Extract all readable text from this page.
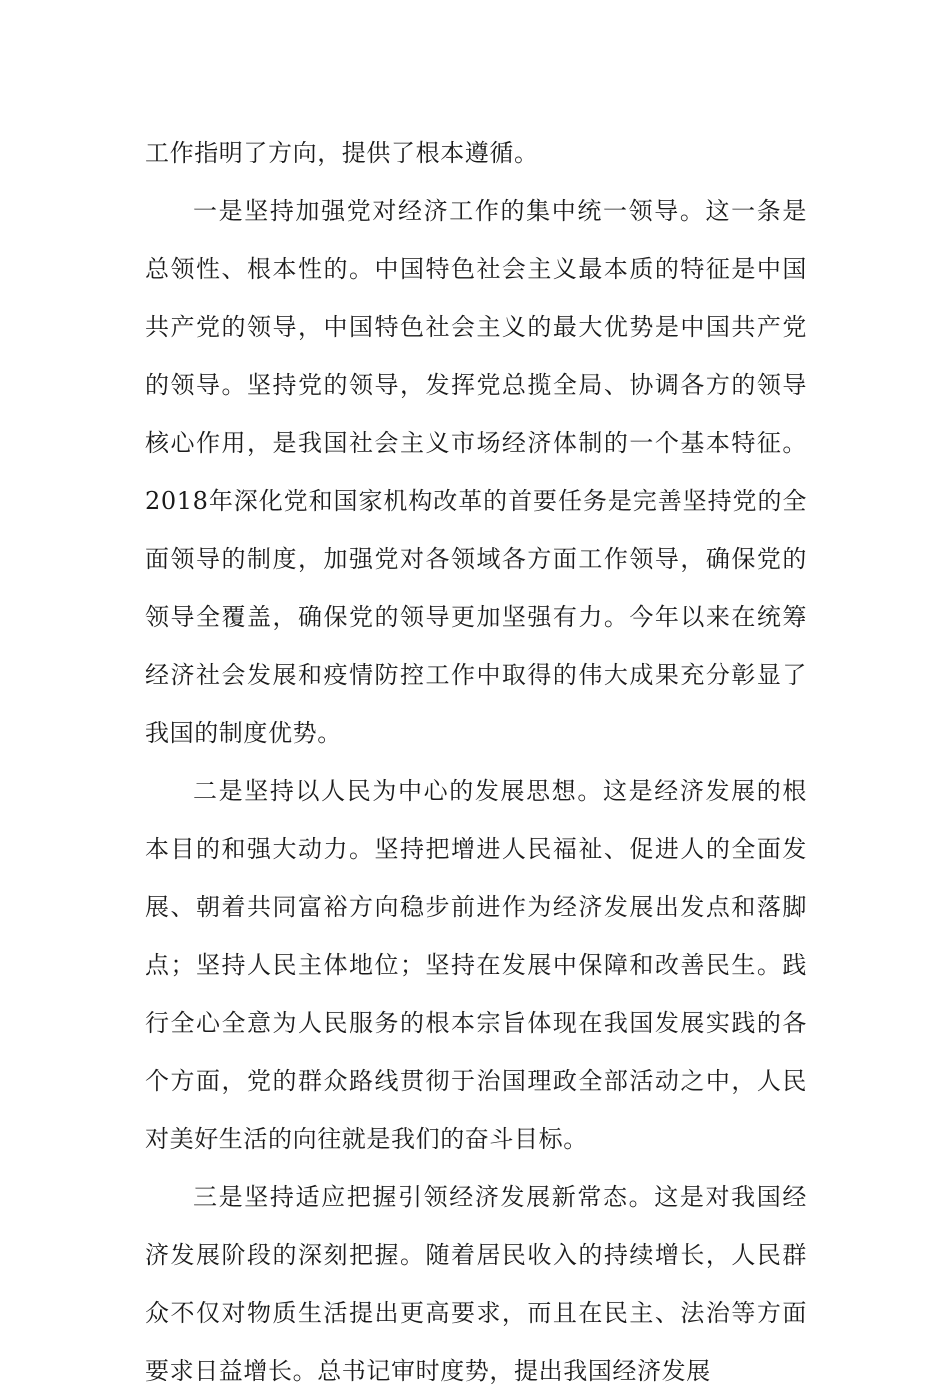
工作指明了方向，提供了根本遵循。

一是坚持加强党对经济工作的集中统一领导。这一条是总领性、根本性的。中国特色社会主义最本质的特征是中国共产党的领导，中国特色社会主义的最大优势是中国共产党的领导。坚持党的领导，发挥党总揽全局、协调各方的领导核心作用，是我国社会主义市场经济体制的一个基本特征。2018年深化党和国家机构改革的首要任务是完善坚持党的全面领导的制度，加强党对各领域各方面工作领导，确保党的领导全覆盖，确保党的领导更加坚强有力。今年以来在统筹经济社会发展和疫情防控工作中取得的伟大成果充分彰显了我国的制度优势。

二是坚持以人民为中心的发展思想。这是经济发展的根本目的和强大动力。坚持把增进人民福祉、促进人的全面发展、朝着共同富裕方向稳步前进作为经济发展出发点和落脚点；坚持人民主体地位；坚持在发展中保障和改善民生。践行全心全意为人民服务的根本宗旨体现在我国发展实践的各个方面，党的群众路线贯彻于治国理政全部活动之中，人民对美好生活的向往就是我们的奋斗目标。

三是坚持适应把握引领经济发展新常态。这是对我国经济发展阶段的深刻把握。随着居民收入的持续增长，人民群众不仅对物质生活提出更高要求，而且在民主、法治等方面要求日益增长。总书记审时度势，提出我国经济发展
